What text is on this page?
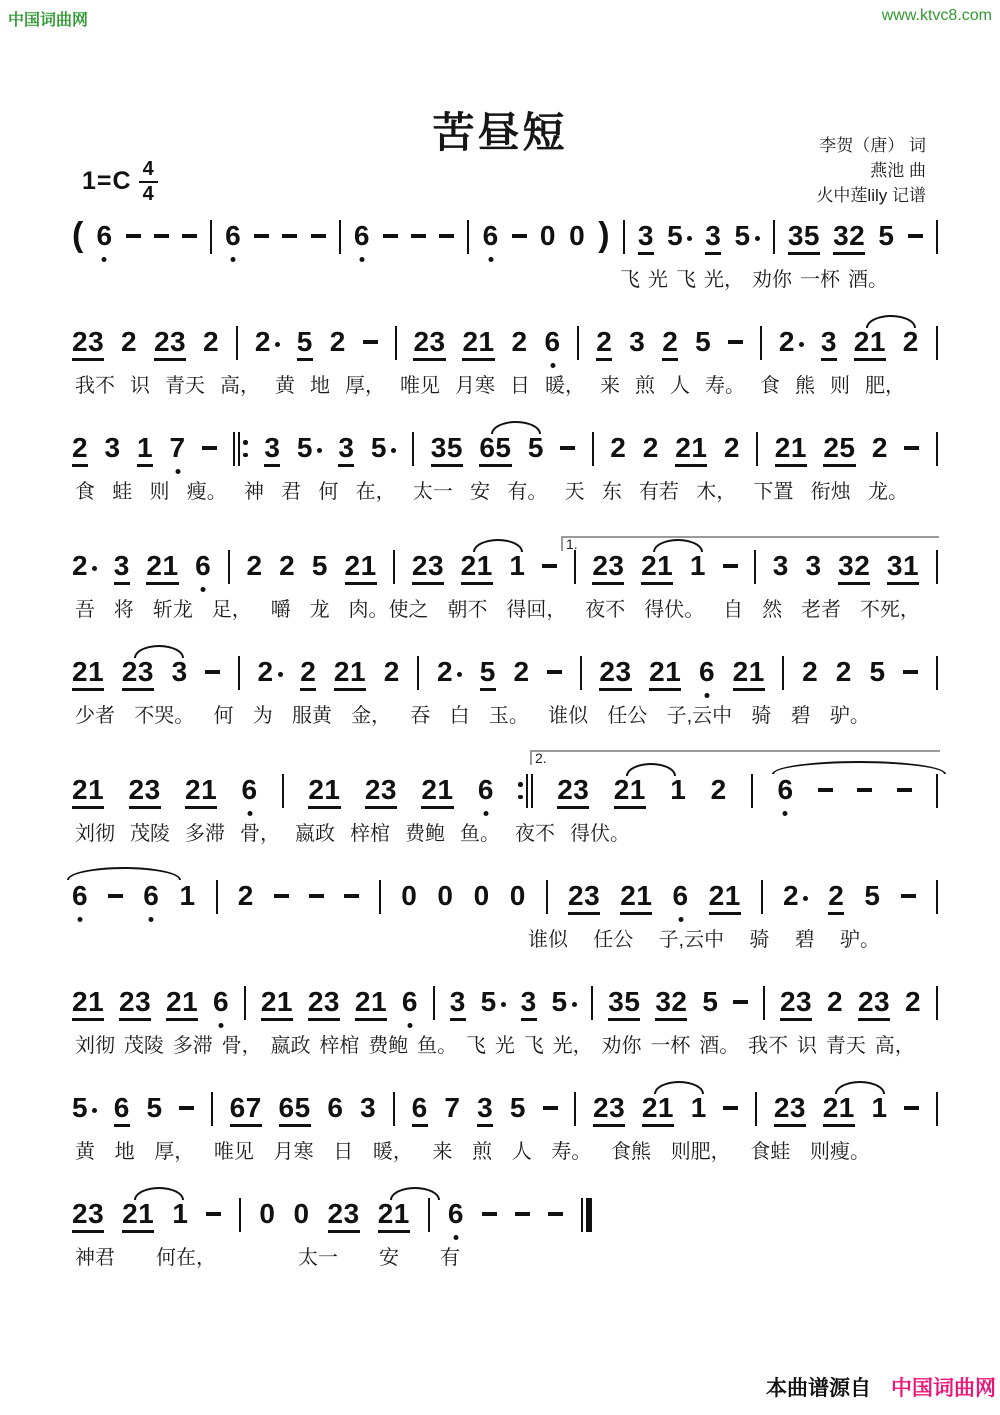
中国词曲网	www.ktvc8.com
苦昼短	李贺（唐） 词
燕池 曲
火中莲lily 记谱
$1=C \frac{4}{4}$
( 6	6	6	6 0 0 ) 3 5 3 5 35 32 5
飞 光 飞 光， 劝你 一杯 酒。
23 2 23 2 2 5 2 23 21 2 6 2 3 2 5 2 3 21 2
我不 识 青天 高， 黄 地 厚， 唯见 月寒 日 暖， 来 煎 人 寿。 食 熊 则 肥，
2 3 1 7	3 5 3 5 35 65 5 2 2 21 2 21 25 2
食 蛙 则 瘦。 神 君 何 在， 太一 安 有。 天 东 有若 木， 下置 衔烛 龙。
1.
2 3 21 6 2 2 5 21 23 21 1 23 21 1 3 3 32 31
吾 将 斩龙 足， 嚼 龙 肉。使之 朝不 得回， 夜不 得伏。 自 然 老者 不死，
21 23 3 2 2 21 2 2 5 2 23 21 6 21 2 2 5
少者 不哭。 何 为 服黄 金， 吞 白 玉。 谁似 任公 子,云中 骑 碧 驴。
2.
21 23 21 6 21 23 21 6 23 21 1 2 6
刘彻 茂陵 多滞 骨， 嬴政 梓棺 费鲍 鱼。 夜不 得伏。
6 6 1 2	0 0 0 0 23 21 6 21 2 2 5
谁似 任公 子,云中 骑 碧 驴。
21 23 21 6 21 23 21 6 3 5 3 5 35 32 5 23 2 23 2
刘彻 茂陵 多滞 骨， 嬴政 梓棺 费鲍 鱼。 飞 光 飞 光， 劝你 一杯 酒。 我不 识 青天 高，
5 6 5 67 65 6 3 6 7 3 5 23 21 1 23 21 1
黄 地 厚， 唯见 月寒 日 暖， 来 煎 人 寿。 食熊 则肥， 食蛙 则瘦。
23 21 1	0 0 23 21 6
神君 何在，	太一 安 有
本曲谱源自 中国词曲网
